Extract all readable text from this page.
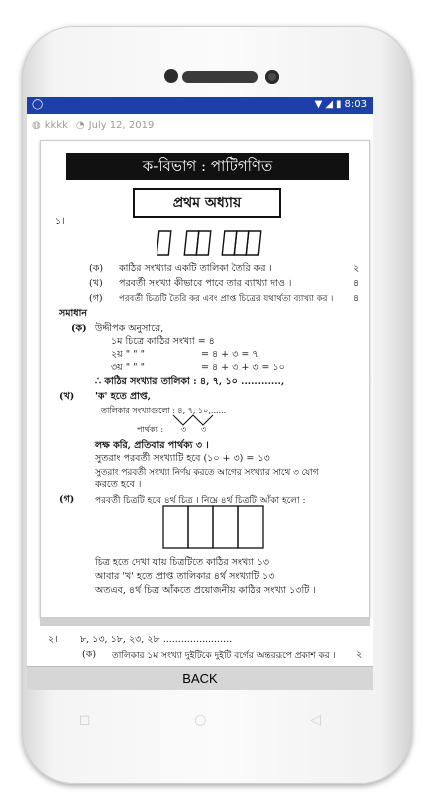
◯	▼ ◢ ▮ 8:03
◍ kkkk ◔ July 12, 2019
ক-বিভাগ : পাটিগণিত
প্রথম অধ্যায়
১।
(ক) কাঠির সংখ্যার একটি তালিকা তৈরি কর ।	২
(খ) পরবর্তী সংখ্যা কীভাবে পাবে তার ব্যাখ্যা দাও ।	৪
(গ) পরবর্তী চিত্রটি তৈরি কর এবং প্রাপ্ত চিত্রের যথার্থতা ব্যাখ্যা কর । ৪
সমাধান
(ক) উদ্দীপক অনুসারে,
১ম চিত্রে কাঠির সংখ্যা = ৪
২য় " " "	= ৪ + ৩ = ৭
৩য় " " "	= ৪ + ৩ + ৩ = ১০
∴ কাঠির সংখ্যার তালিকা : ৪, ৭, ১০ ............,
(খ) 'ক' হতে প্রাপ্ত,
তালিকার সংখ্যাগুলো : ৪, ৭, ১০,......
পার্থক্য : ৩ ৩
লক্ষ করি, প্রতিবার পার্থক্য ৩ ।
সুতরাং পরবর্তী সংখ্যাটি হবে (১০ + ৩) = ১৩
সুতরাং পরবর্তী সংখ্যা নির্ণয় করতে আগের সংখ্যার সাথে ৩ যোগ
করতে হবে ।
(গ) পরবর্তী চিত্রটি হবে ৪র্থ চিত্র । নিম্নে ৪র্থ চিত্রটি আঁকা হলো :
চিত্র হতে দেখা যায় চিত্রটিতে কাঠির সংখ্যা ১৩
আবার 'খ' হতে প্রাপ্ত তালিকার ৪র্থ সংখ্যাটি ১৩
অতএব, ৪র্থ চিত্র আঁকতে প্রয়োজনীয় কাঠির সংখ্যা ১৩টি ।
২। ৮, ১৩, ১৮, ২৩, ২৮ .......................
(ক) তালিকার ১ম সংখ্যা দুইটিকে দুইটি বর্গের অন্তররূপে প্রকাশ কর । ২
BACK
◻	○	◁
